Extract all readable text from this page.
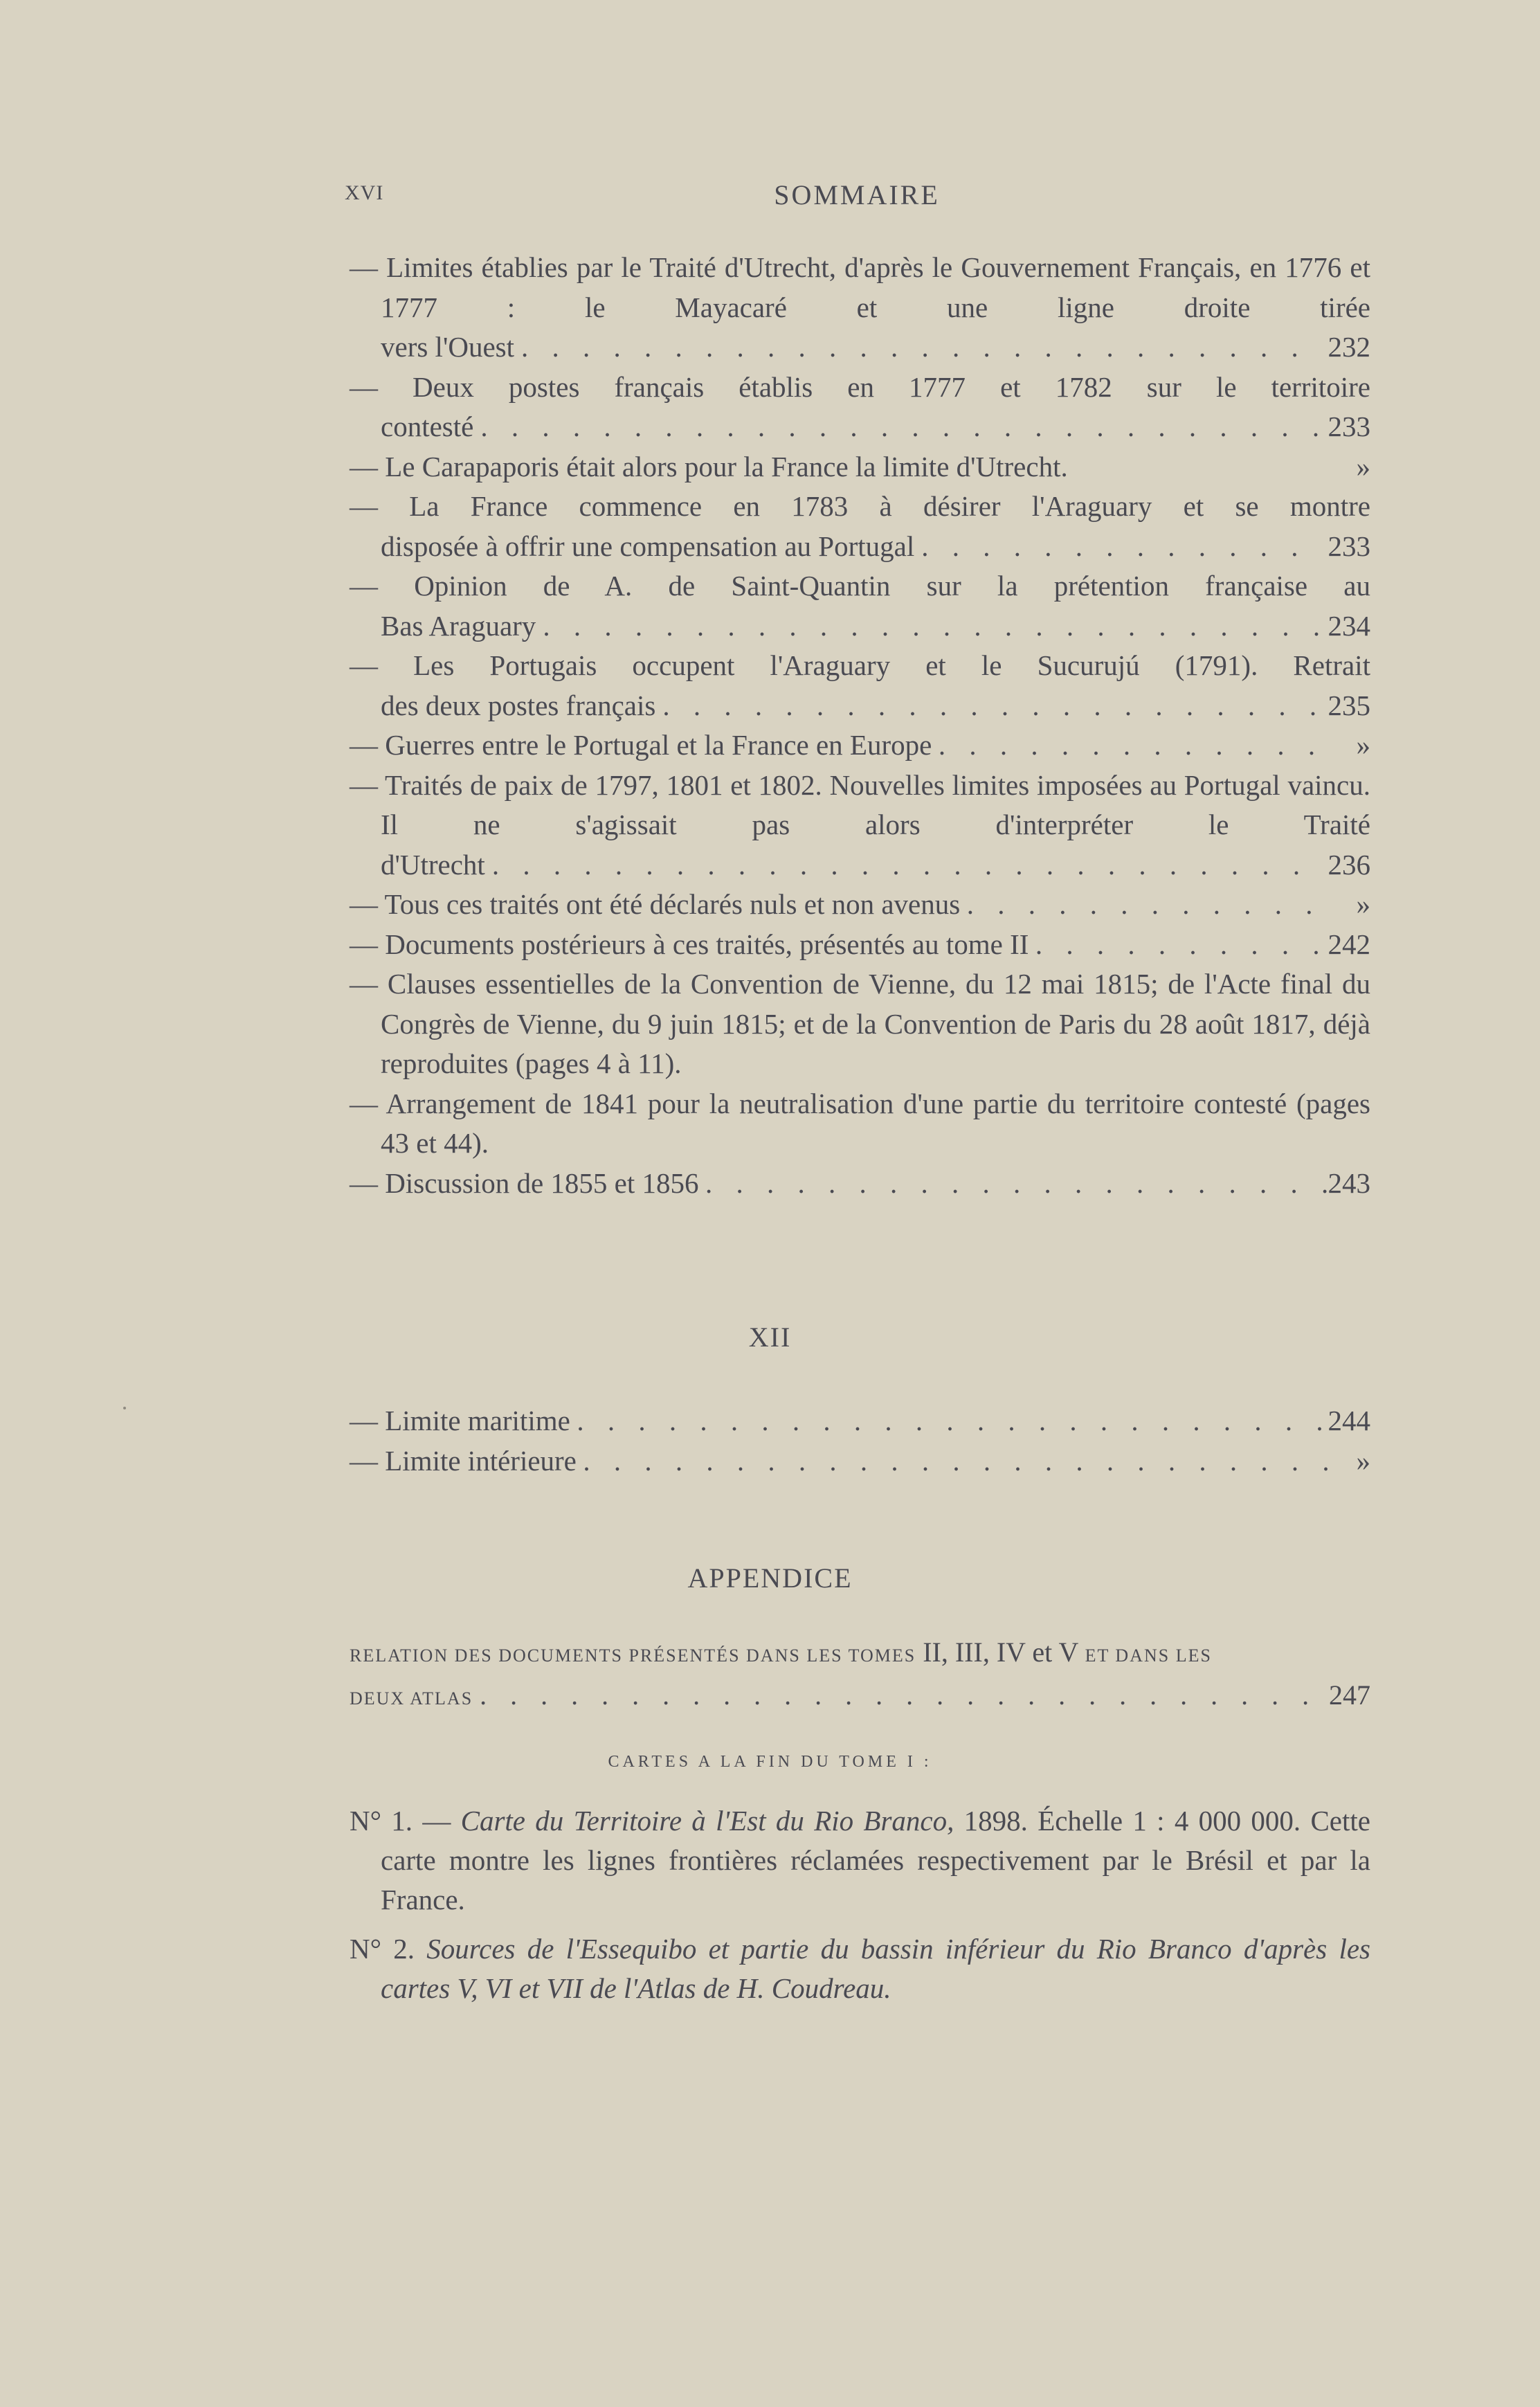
XVI	SOMMAIRE
— Limites établies par le Traité d'Utrecht, d'après le Gouvernement Français, en 1776 et 1777 : le Mayacaré et une ligne droite tirée
vers l'Ouest . . .	232
— Deux postes français établis en 1777 et 1782 sur le territoire
contesté . . .	233
— Le Carapaporis était alors pour la France la limite d'Utrecht.	»
— La France commence en 1783 à désirer l'Araguary et se montre
disposée à offrir une compensation au Portugal . . .	233
— Opinion de A. de Saint-Quantin sur la prétention française au
Bas Araguary . . .	234
— Les Portugais occupent l'Araguary et le Sucurujú (1791). Retrait
des deux postes français . . .	235
— Guerres entre le Portugal et la France en Europe . . .	»
— Traités de paix de 1797, 1801 et 1802. Nouvelles limites imposées au Portugal vaincu. Il ne s'agissait pas alors d'interpréter le Traité
d'Utrecht . . .	236
— Tous ces traités ont été déclarés nuls et non avenus . . .	»
— Documents postérieurs à ces traités, présentés au tome II . . .	242
— Clauses essentielles de la Convention de Vienne, du 12 mai 1815; de l'Acte final du Congrès de Vienne, du 9 juin 1815; et de la Convention de Paris du 28 août 1817, déjà reproduites (pages 4 à 11).
— Arrangement de 1841 pour la neutralisation d'une partie du territoire contesté (pages 43 et 44).
— Discussion de 1855 et 1856 . . .	243
XII
— Limite maritime . . .	244
— Limite intérieure . . .	»
APPENDICE
RELATION DES DOCUMENTS PRÉSENTÉS DANS LES TOMES II, III, IV et V ET DANS LES
DEUX ATLAS . . .	247
CARTES A LA FIN DU TOME I :
N° 1. — Carte du Territoire à l'Est du Rio Branco, 1898. Échelle 1 : 4 000 000. Cette carte montre les lignes frontières réclamées respectivement par le Brésil et par la France.
N° 2. Sources de l'Essequibo et partie du bassin inférieur du Rio Branco d'après les cartes V, VI et VII de l'Atlas de H. Coudreau.
